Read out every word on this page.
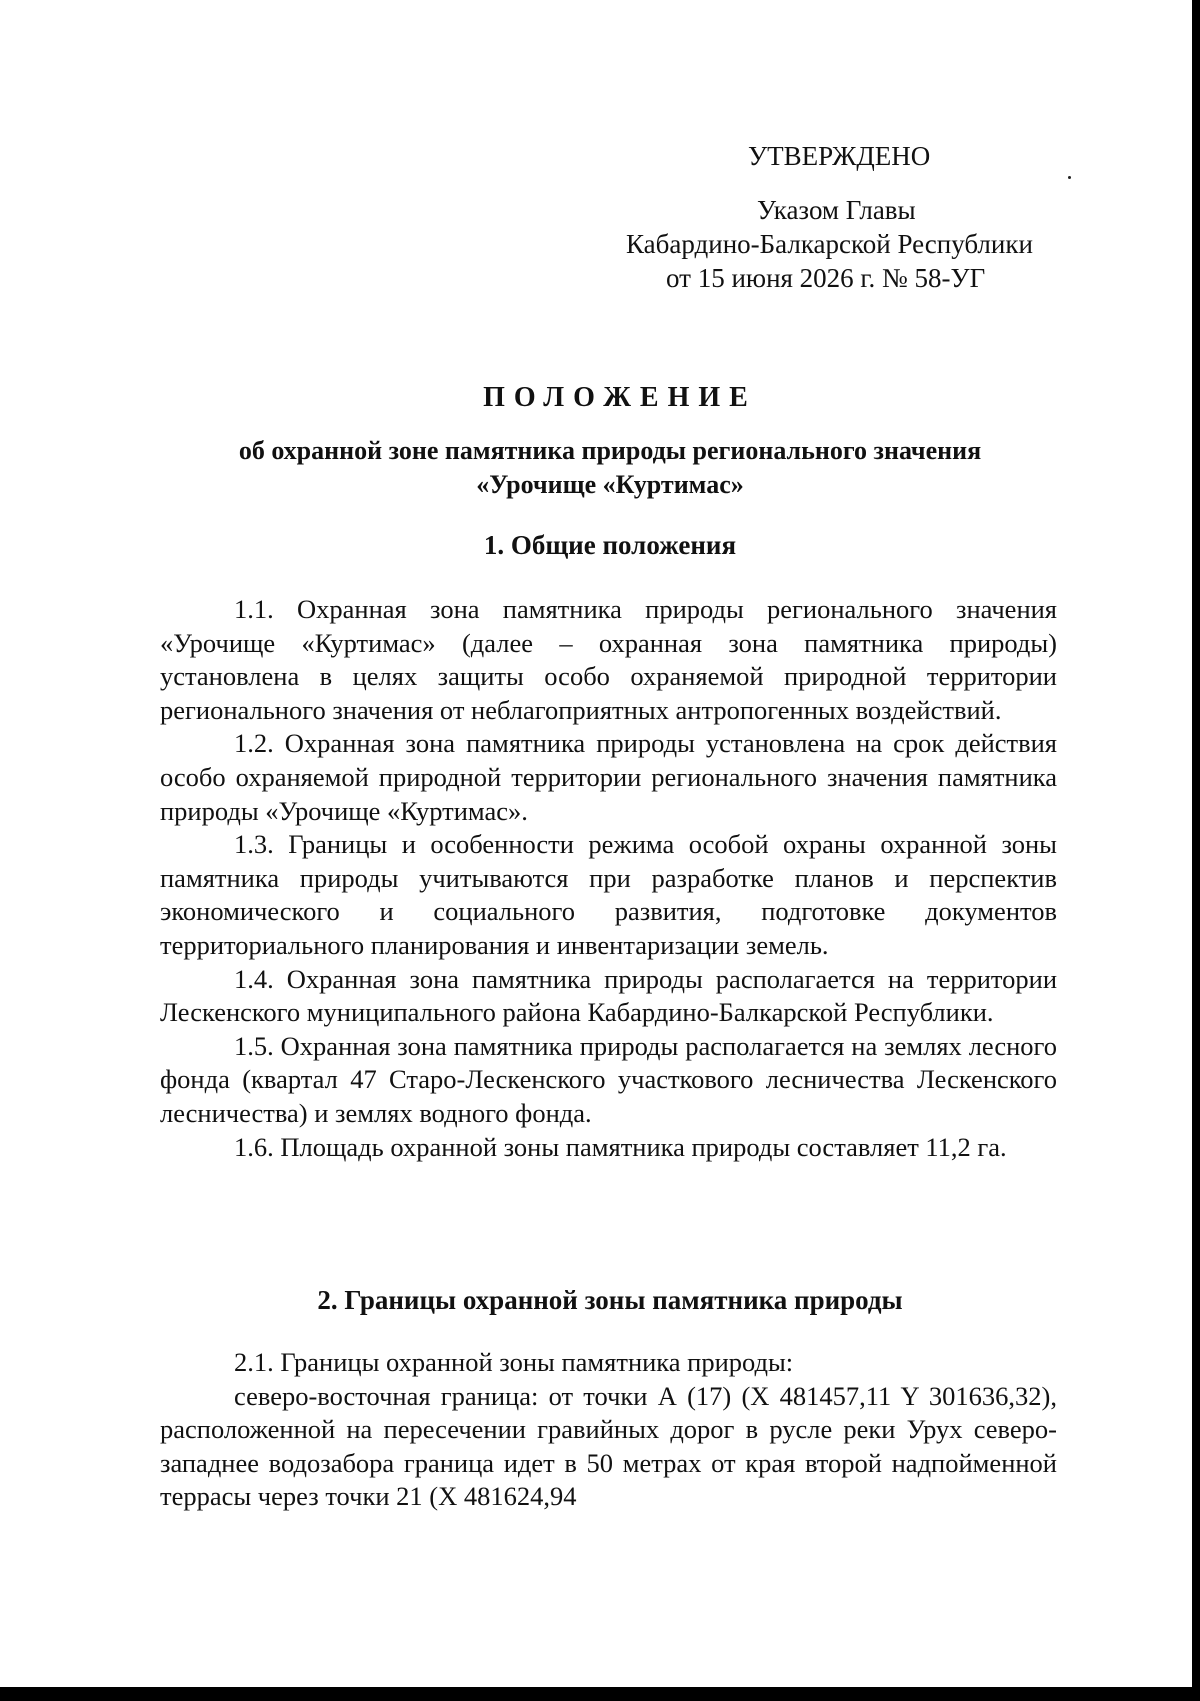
УТВЕРЖДЕНО
Указом Главы
Кабардино-Балкарской Республики
от 15 июня 2026 г. № 58-УГ
ПОЛОЖЕНИЕ
об охранной зоне памятника природы регионального значения
«Урочище «Куртимас»
1. Общие положения

1.1. Охранная зона памятника природы регионального значения «Урочище «Куртимас» (далее – охранная зона памятника природы) установлена в целях защиты особо охраняемой природной территории регионального значения от неблагоприятных антропогенных воздействий.

1.2. Охранная зона памятника природы установлена на срок действия особо охраняемой природной территории регионального значения памятника природы «Урочище «Куртимас».

1.3. Границы и особенности режима особой охраны охранной зоны памятника природы учитываются при разработке планов и перспектив экономического и социального развития, подготовке документов территориального планирования и инвентаризации земель.

1.4. Охранная зона памятника природы располагается на территории Лескенского муниципального района Кабардино-Балкарской Республики.

1.5. Охранная зона памятника природы располагается на землях лесного фонда (квартал 47 Старо-Лескенского участкового лесничества Лескенского лесничества) и землях водного фонда.

1.6. Площадь охранной зоны памятника природы составляет 11,2 га.

2. Границы охранной зоны памятника природы

2.1. Границы охранной зоны памятника природы:

северо-восточная граница: от точки А (17) (X 481457,11 Y 301636,32), расположенной на пересечении гравийных дорог в русле реки Урух северо-западнее водозабора граница идет в 50 метрах от края второй надпойменной террасы через точки 21 (X 481624,94
